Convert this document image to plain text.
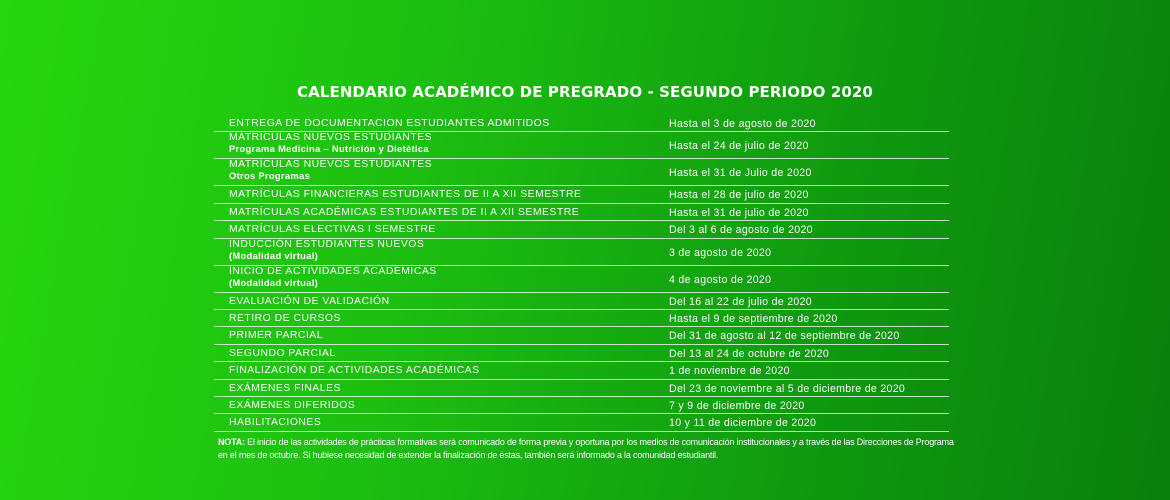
CALENDARIO ACADÉMICO DE PREGRADO - SEGUNDO PERIODO 2020
ENTREGA DE DOCUMENTACION ESTUDIANTES ADMITIDOS	Hasta el 3 de agosto de 2020
MATRÍCULAS NUEVOS ESTUDIANTES
Programa Medicina – Nutrición y Dietética	Hasta el 24 de julio de 2020
MATRÍCULAS NUEVOS ESTUDIANTES
Otros Programas	Hasta el 31 de Julio de 2020
MATRÍCULAS FINANCIERAS ESTUDIANTES DE II A XII SEMESTRE	Hasta el 28 de julio de 2020
MATRÍCULAS ACADÉMICAS ESTUDIANTES DE II A XII SEMESTRE	Hasta el 31 de julio de 2020
MATRÍCULAS ELECTIVAS I SEMESTRE	Del 3 al 6 de agosto de 2020
INDUCCIÓN ESTUDIANTES NUEVOS
(Modalidad virtual)	3 de agosto de 2020
INICIO DE ACTIVIDADES ACADÉMICAS
(Modalidad virtual)	4 de agosto de 2020
EVALUACIÓN DE VALIDACIÓN	Del 16 al 22 de julio de 2020
RETIRO DE CURSOS	Hasta el 9 de septiembre de 2020
PRIMER PARCIAL	Del 31 de agosto al 12 de septiembre de 2020
SEGUNDO PARCIAL	Del 13 al 24 de octubre de 2020
FINALIZACIÓN DE ACTIVIDADES ACADÉMICAS	1 de noviembre de 2020
EXÁMENES FINALES	Del 23 de noviembre al 5 de diciembre de 2020
EXÁMENES DIFERIDOS	7 y 9 de diciembre de 2020
HABILITACIONES	10 y 11 de diciembre de 2020
NOTA: El inicio de las actividades de prácticas formativas será comunicado de forma previa y oportuna por los medios de comunicación institucionales y a través de las Direcciones de Programa en el mes de octubre. Si hubiese necesidad de extender la finalización de éstas, también será informado a la comunidad estudiantil.
